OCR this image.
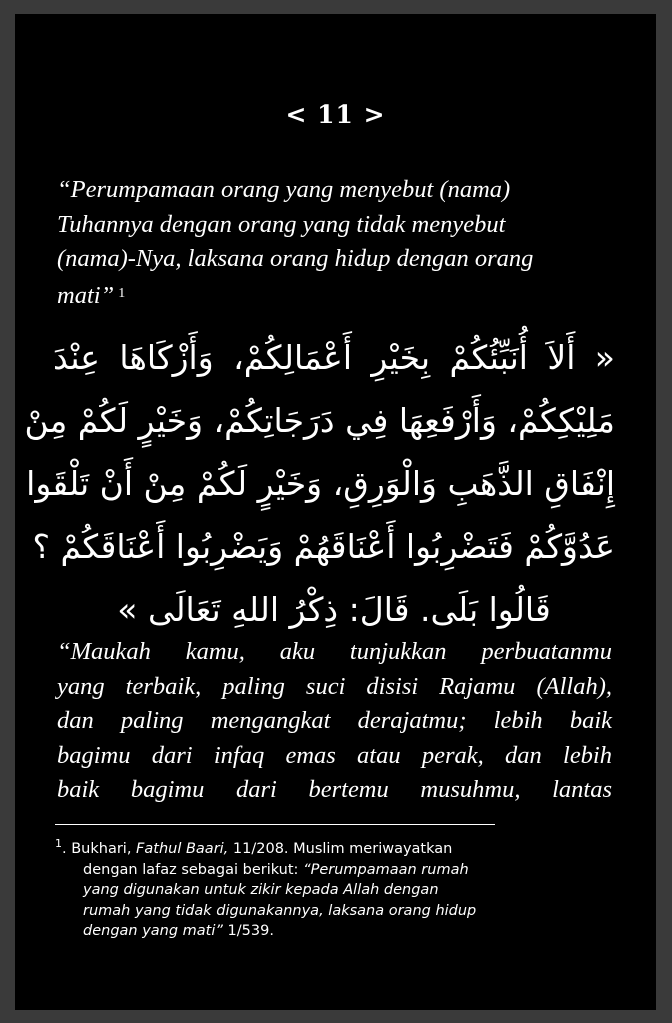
< 11 >
“Perumpamaan orang yang menyebut (nama)
Tuhannya dengan orang yang tidak menyebut
(nama)-Nya, laksana orang hidup dengan orang
mati” $^1$
« أَلاَ أُنَبِّئُكُمْ بِخَيْرِ أَعْمَالِكُمْ، وَأَزْكَاهَا عِنْدَ
مَلِيْكِكُمْ، وَأَرْفَعِهَا فِي دَرَجَاتِكُمْ، وَخَيْرٍ لَكُمْ مِنْ
إِنْفَاقِ الذَّهَبِ وَالْوَرِقِ، وَخَيْرٍ لَكُمْ مِنْ أَنْ تَلْقَوا
عَدُوَّكُمْ فَتَضْرِبُوا أَعْنَاقَهُمْ وَيَضْرِبُوا أَعْنَاقَكُمْ ؟
قَالُوا بَلَى. قَالَ: ذِكْرُ اللهِ تَعَالَى »
“Maukah kamu, aku tunjukkan perbuatanmu
yang terbaik, paling suci disisi Rajamu (Allah),
dan paling mengangkat derajatmu; lebih baik
bagimu dari infaq emas atau perak, dan lebih
baik bagimu dari bertemu musuhmu, lantas
$^1$. Bukhari, Fathul Baari, 11/208. Muslim meriwayatkan
dengan lafaz sebagai berikut: “Perumpamaan rumah
yang digunakan untuk zikir kepada Allah dengan
rumah yang tidak digunakannya, laksana orang hidup
dengan yang mati” 1/539.
